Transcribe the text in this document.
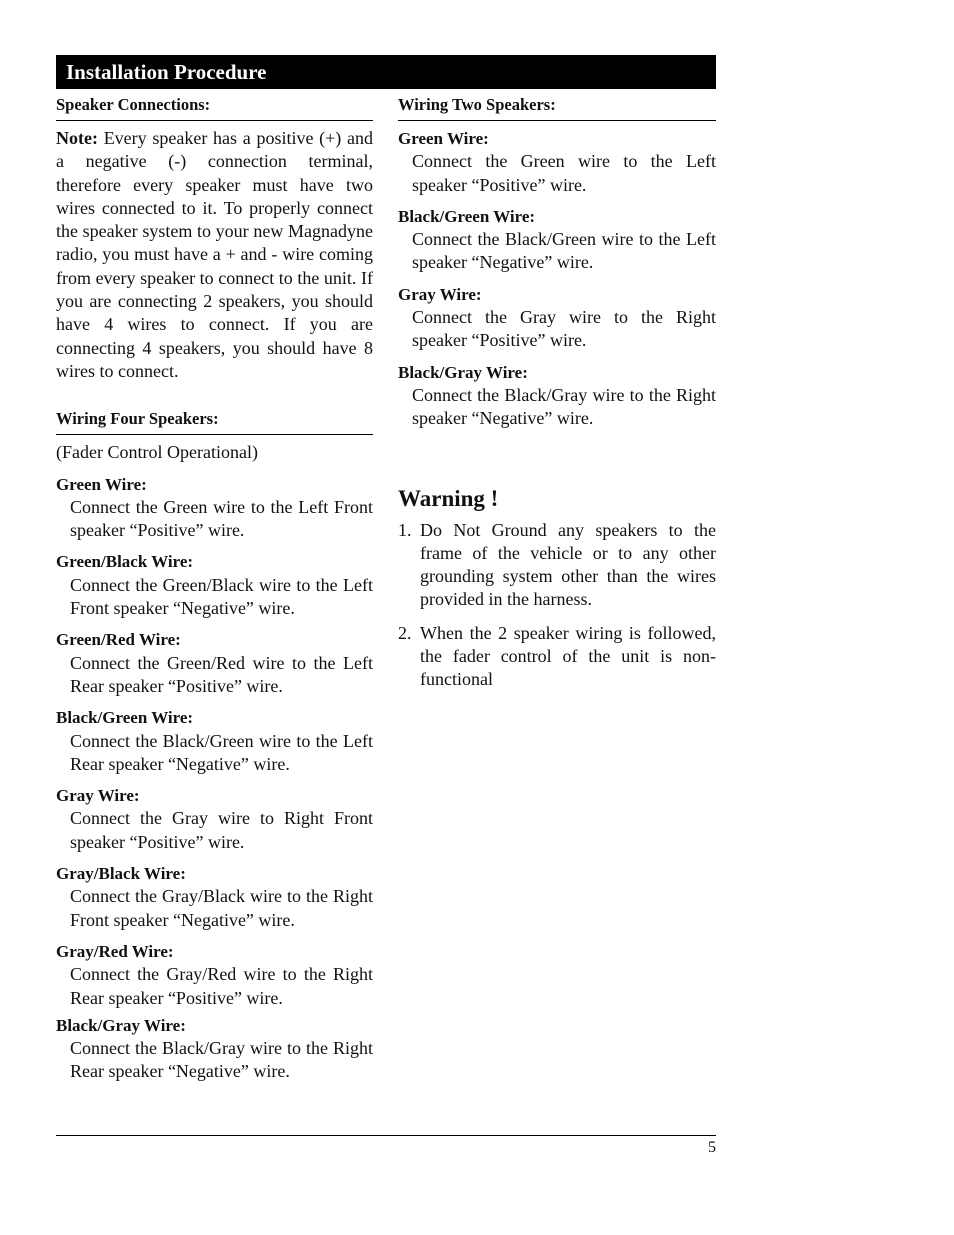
Installation Procedure
Speaker Connections:
Note: Every speaker has a positive (+) and a negative (-) connection terminal, therefore every speaker must have two wires connected to it. To properly connect the speaker system to your new Magnadyne radio, you must have a + and - wire coming from every speaker to connect to the unit. If you are connecting 2 speakers, you should have 4 wires to connect. If you are connecting 4 speakers, you should have 8 wires to connect.
Wiring Four Speakers:
(Fader Control Operational)
Green Wire:
Connect the Green wire to the Left Front speaker “Positive” wire.
Green/Black Wire:
Connect the Green/Black wire to the Left Front speaker “Negative” wire.
Green/Red Wire:
Connect the Green/Red wire to the Left Rear speaker “Positive” wire.
Black/Green Wire:
Connect the Black/Green wire to the Left Rear speaker “Negative” wire.
Gray Wire:
Connect the Gray wire to Right Front speaker “Positive” wire.
Gray/Black Wire:
Connect the Gray/Black wire to the Right Front speaker “Negative” wire.
Gray/Red Wire:
Connect the Gray/Red wire to the Right Rear speaker “Positive” wire.
Black/Gray Wire:
Connect the Black/Gray wire to the Right Rear speaker “Negative” wire.
Wiring Two Speakers:
Green Wire:
Connect the Green wire to the Left speaker “Positive” wire.
Black/Green Wire:
Connect the Black/Green wire to the Left speaker “Negative” wire.
Gray Wire:
Connect the Gray wire to the Right speaker “Positive” wire.
Black/Gray Wire:
Connect the Black/Gray wire to the Right speaker “Negative” wire.
Warning !
1. Do Not Ground any speakers to the frame of the vehicle or to any other grounding system other than the wires provided in the harness.
2. When the 2 speaker wiring is followed, the fader control of the unit is non-functional
5
